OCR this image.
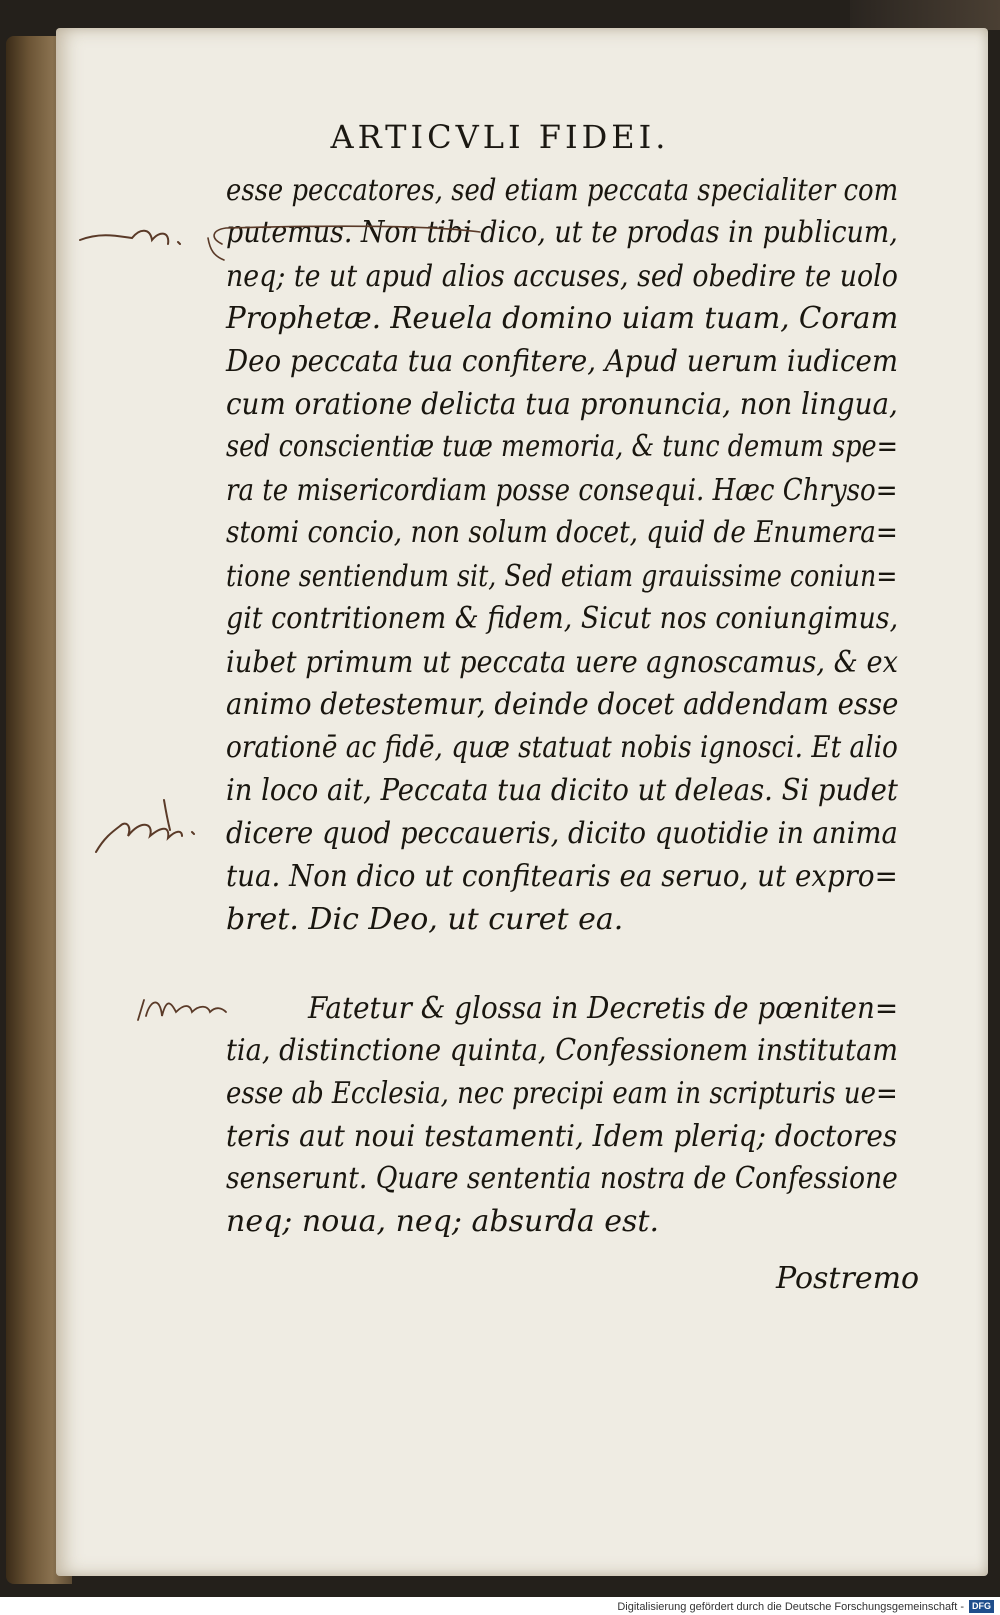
ARTICVLI FIDEI.
esse peccatores, sed etiam peccata specialiter com
putemus. Non tibi dico, ut te prodas in publicum,
neq; te ut apud alios accuses, sed obedire te uolo
Prophetæ. Reuela domino uiam tuam, Coram
Deo peccata tua confitere, Apud uerum iudicem
cum oratione delicta tua pronuncia, non lingua,
sed conscientiæ tuæ memoria, & tunc demum spe=
ra te misericordiam posse consequi. Hæc Chryso=
stomi concio, non solum docet, quid de Enumera=
tione sentiendum sit, Sed etiam grauissime coniun=
git contritionem & fidem, Sicut nos coniungimus,
iubet primum ut peccata uere agnoscamus, & ex
animo detestemur, deinde docet addendam esse
orationē ac fidē, quæ statuat nobis ignosci. Et alio
in loco ait, Peccata tua dicito ut deleas. Si pudet
dicere quod peccaueris, dicito quotidie in anima
tua. Non dico ut confitearis ea seruo, ut expro=
bret. Dic Deo, ut curet ea.
Fatetur & glossa in Decretis de pœniten=
tia, distinctione quinta, Confessionem institutam
esse ab Ecclesia, nec precipi eam in scripturis ue=
teris aut noui testamenti, Idem pleriq; doctores
senserunt. Quare sententia nostra de Confessione
neq; noua, neq; absurda est.
Postremo
Digitalisierung gefördert durch die Deutsche Forschungsgemeinschaft - DFG
